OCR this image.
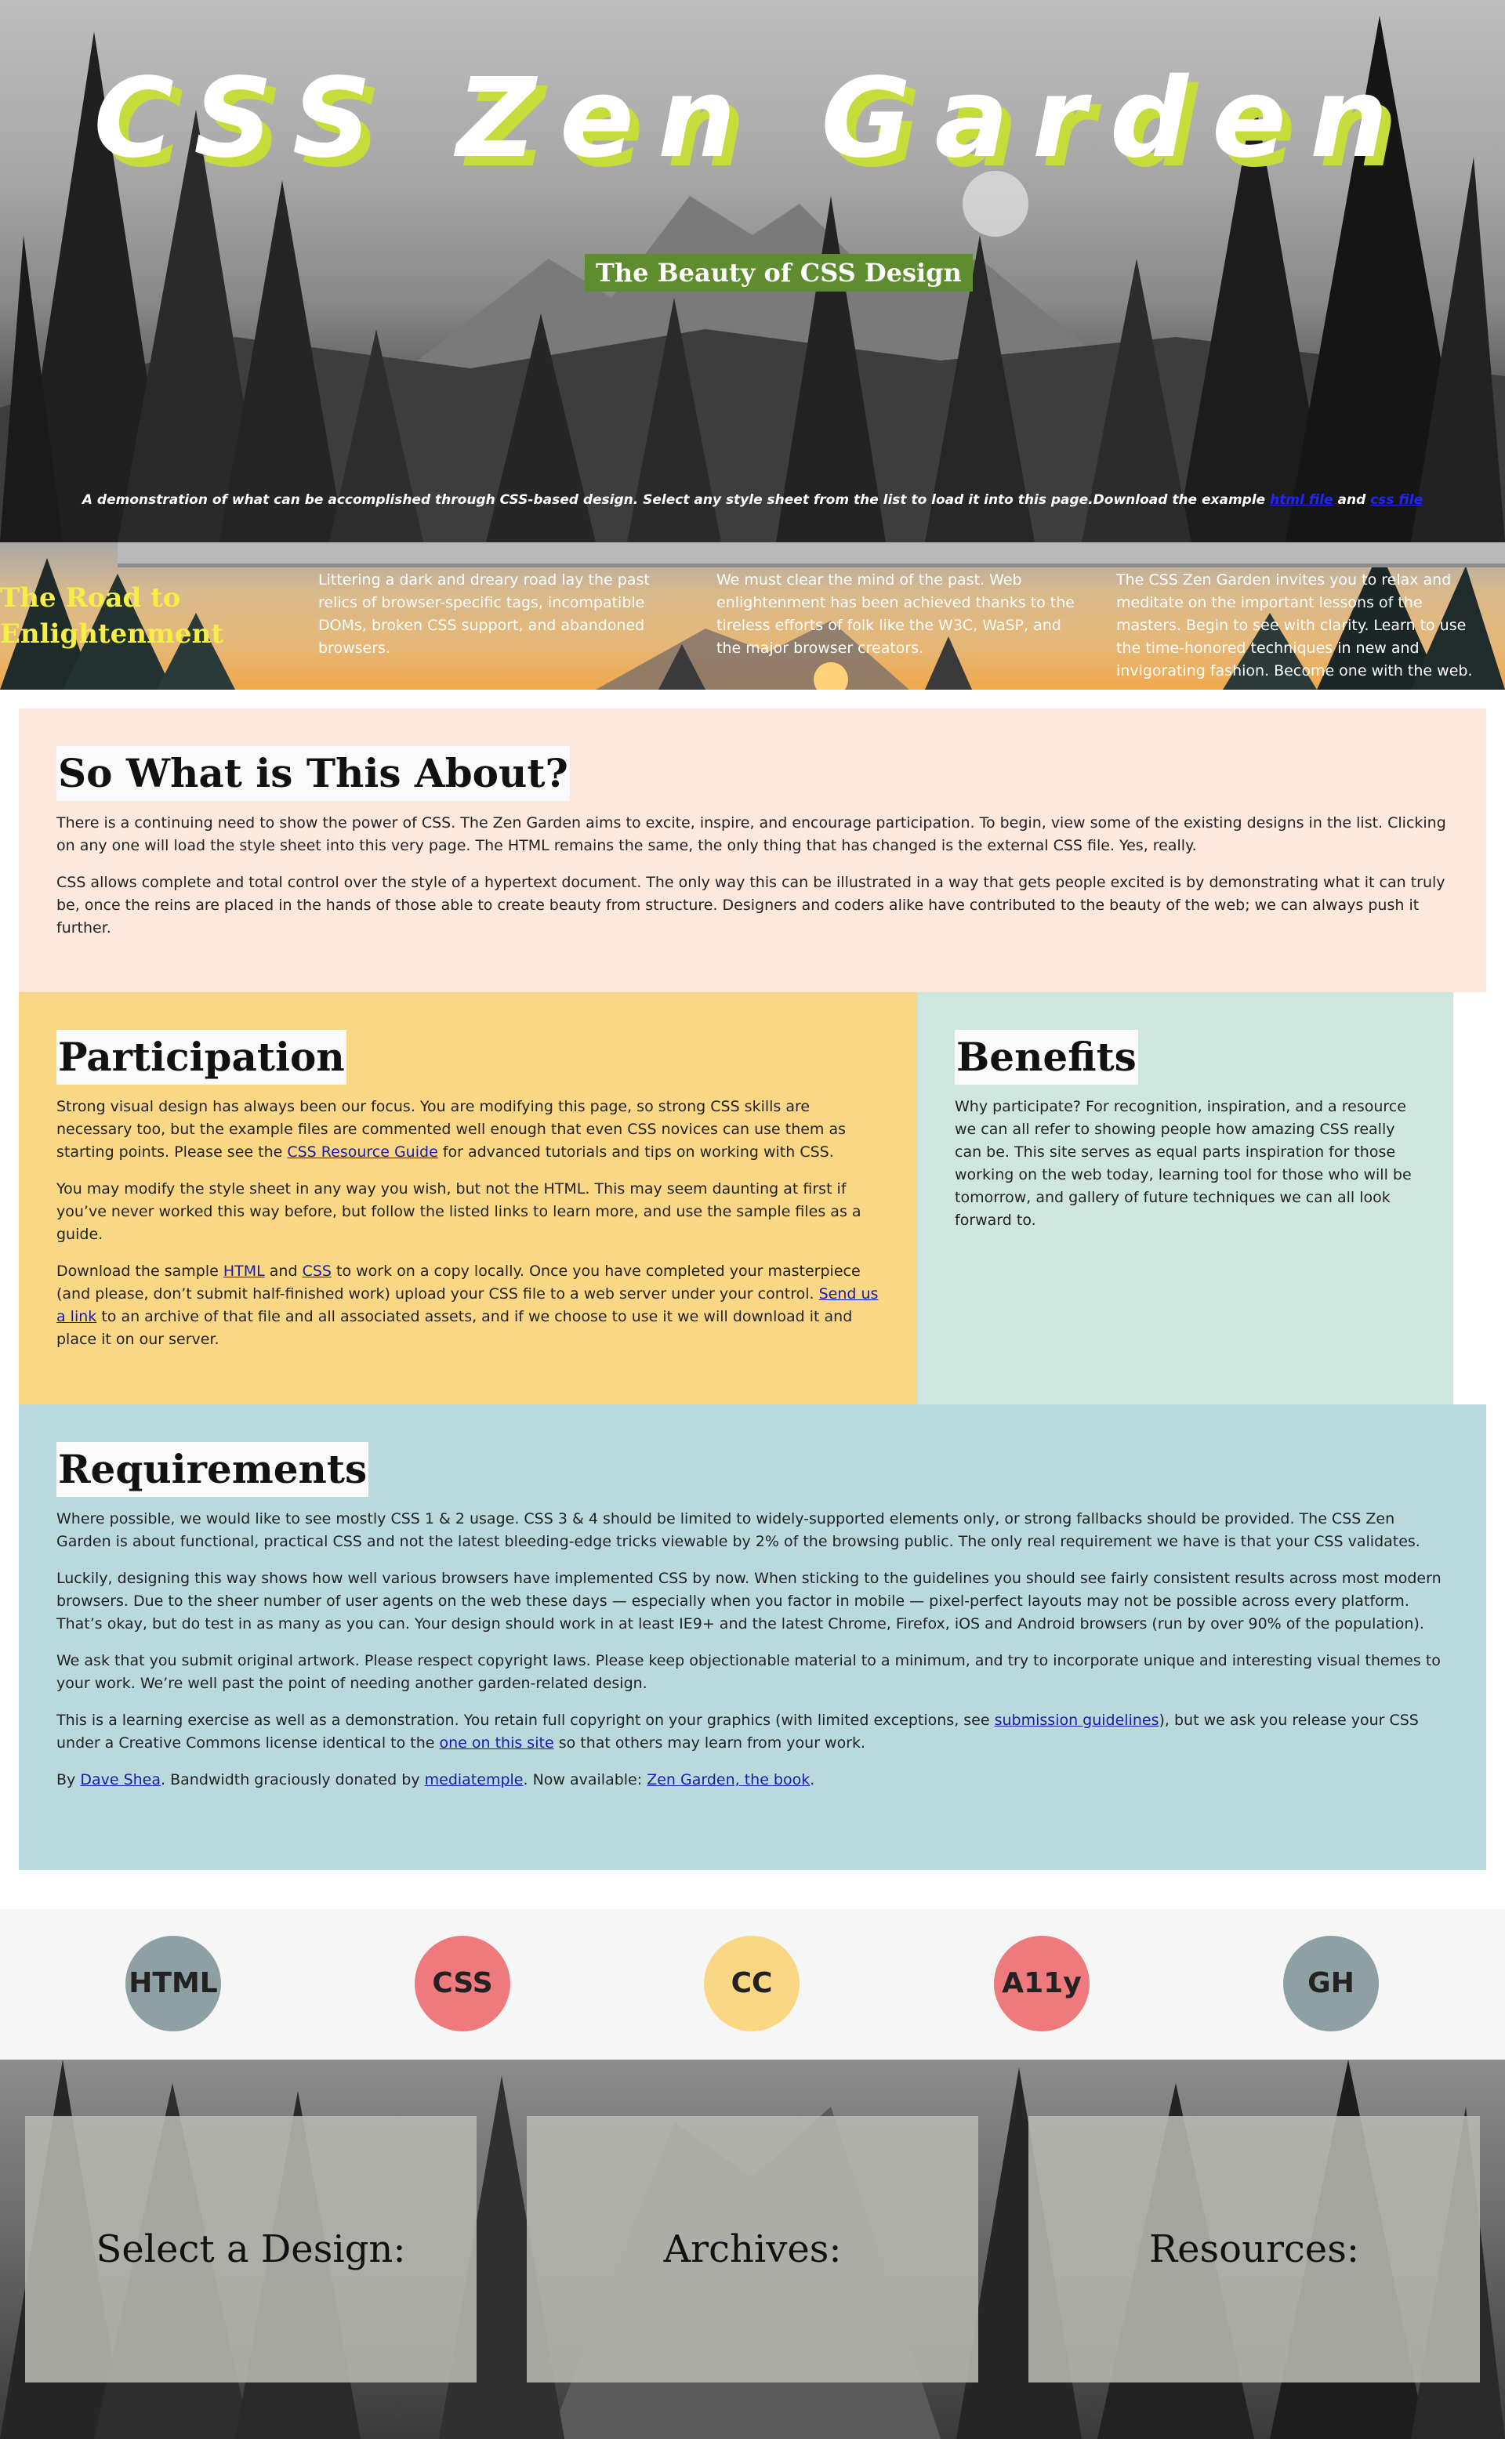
CSS Zen Garden
The Beauty of CSS Design

A demonstration of what can be accomplished through CSS-based design. Select any style sheet from the list to load it into this page.Download the example html file and css file

The Road to
Enlightenment

Littering a dark and dreary road lay the past relics of browser-specific tags, incompatible DOMs, broken CSS support, and abandoned browsers.

We must clear the mind of the past. Web enlightenment has been achieved thanks to the tireless efforts of folk like the W3C, WaSP, and the major browser creators.

The CSS Zen Garden invites you to relax and meditate on the important lessons of the masters. Begin to see with clarity. Learn to use the time-honored techniques in new and invigorating fashion. Become one with the web.

So What is This About?

There is a continuing need to show the power of CSS. The Zen Garden aims to excite, inspire, and encourage participation. To begin, view some of the existing designs in the list. Clicking on any one will load the style sheet into this very page. The HTML remains the same, the only thing that has changed is the external CSS file. Yes, really.

CSS allows complete and total control over the style of a hypertext document. The only way this can be illustrated in a way that gets people excited is by demonstrating what it can truly be, once the reins are placed in the hands of those able to create beauty from structure. Designers and coders alike have contributed to the beauty of the web; we can always push it further.

Participation

Strong visual design has always been our focus. You are modifying this page, so strong CSS skills are necessary too, but the example files are commented well enough that even CSS novices can use them as starting points. Please see the CSS Resource Guide for advanced tutorials and tips on working with CSS.

You may modify the style sheet in any way you wish, but not the HTML. This may seem daunting at first if you’ve never worked this way before, but follow the listed links to learn more, and use the sample files as a guide.

Download the sample HTML and CSS to work on a copy locally. Once you have completed your masterpiece (and please, don’t submit half-finished work) upload your CSS file to a web server under your control. Send us a link to an archive of that file and all associated assets, and if we choose to use it we will download it and place it on our server.

Benefits

Why participate? For recognition, inspiration, and a resource we can all refer to showing people how amazing CSS really can be. This site serves as equal parts inspiration for those working on the web today, learning tool for those who will be tomorrow, and gallery of future techniques we can all look forward to.

Requirements

Where possible, we would like to see mostly CSS 1 & 2 usage. CSS 3 & 4 should be limited to widely-supported elements only, or strong fallbacks should be provided. The CSS Zen Garden is about functional, practical CSS and not the latest bleeding-edge tricks viewable by 2% of the browsing public. The only real requirement we have is that your CSS validates.

Luckily, designing this way shows how well various browsers have implemented CSS by now. When sticking to the guidelines you should see fairly consistent results across most modern browsers. Due to the sheer number of user agents on the web these days — especially when you factor in mobile — pixel-perfect layouts may not be possible across every platform. That’s okay, but do test in as many as you can. Your design should work in at least IE9+ and the latest Chrome, Firefox, iOS and Android browsers (run by over 90% of the population).

We ask that you submit original artwork. Please respect copyright laws. Please keep objectionable material to a minimum, and try to incorporate unique and interesting visual themes to your work. We’re well past the point of needing another garden-related design.

This is a learning exercise as well as a demonstration. You retain full copyright on your graphics (with limited exceptions, see submission guidelines), but we ask you release your CSS under a Creative Commons license identical to the one on this site so that others may learn from your work.

By Dave Shea. Bandwidth graciously donated by mediatemple. Now available: Zen Garden, the book.

HTML	CSS	CC	A11y	GH
Select a Design:	Archives:	Resources:
